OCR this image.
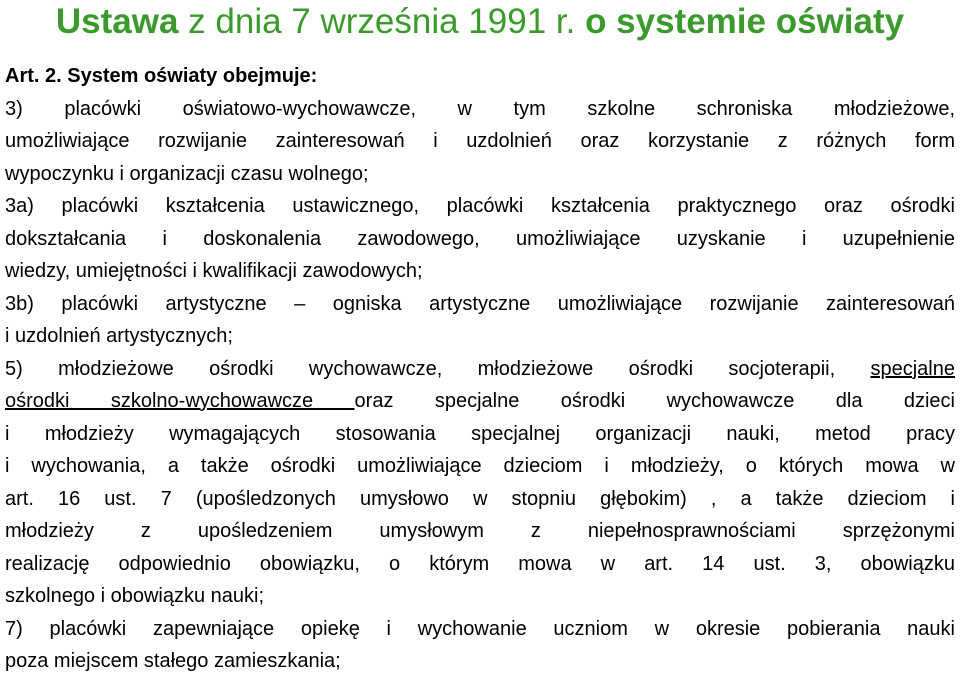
Ustawa z dnia 7 września 1991 r. o systemie oświaty
Art. 2. System oświaty obejmuje:
3) placówki oświatowo-wychowawcze, w tym szkolne schroniska młodzieżowe,
umożliwiające rozwijanie zainteresowań i uzdolnień oraz korzystanie z różnych form
wypoczynku i organizacji czasu wolnego;
3a) placówki kształcenia ustawicznego, placówki kształcenia praktycznego oraz ośrodki
dokształcania i doskonalenia zawodowego, umożliwiające uzyskanie i uzupełnienie
wiedzy, umiejętności i kwalifikacji zawodowych;
3b) placówki artystyczne – ogniska artystyczne umożliwiające rozwijanie zainteresowań
i uzdolnień artystycznych;
5) młodzieżowe ośrodki wychowawcze, młodzieżowe ośrodki socjoterapii, specjalne
ośrodki szkolno-wychowawcze oraz specjalne ośrodki wychowawcze dla dzieci
i młodzieży wymagających stosowania specjalnej organizacji nauki, metod pracy
i wychowania, a także ośrodki umożliwiające dzieciom i młodzieży, o których mowa w
art. 16 ust. 7 (upośledzonych umysłowo w stopniu głębokim) , a także dzieciom i
młodzieży z upośledzeniem umysłowym z niepełnosprawnościami sprzężonymi
realizację odpowiednio obowiązku, o którym mowa w art. 14 ust. 3, obowiązku
szkolnego i obowiązku nauki;
7) placówki zapewniające opiekę i wychowanie uczniom w okresie pobierania nauki
poza miejscem stałego zamieszkania;
